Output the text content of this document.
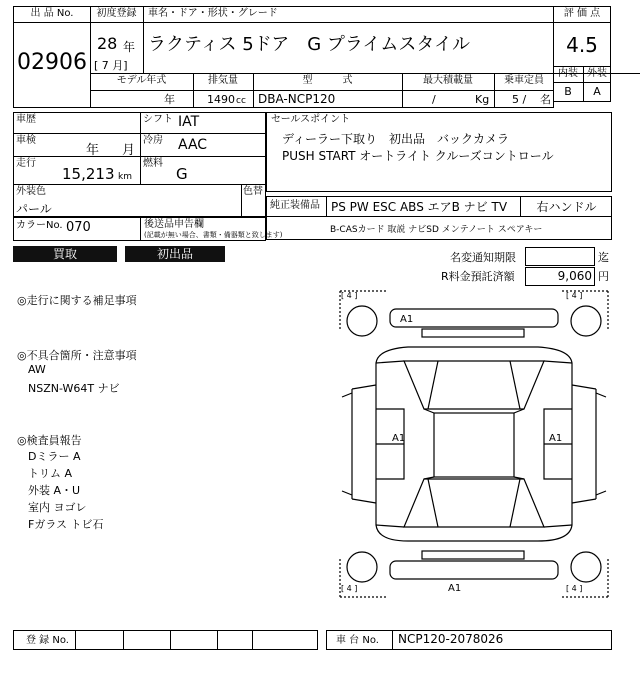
出 品 No.
02906
初度登録
28 年
[ 7 月]
車名・ドア・形状・グレード
ラクティス 5ドア　G プライムスタイル
評 価 点
4.5
内装 外装
B	A
モデル年式
年
排気量
1490 cc
型　　　式
DBA-NCP120
最大積載量
/	Kg
乗車定員
5 / 名
車歴	シフト IAT
車検
年 月
冷房 AAC
走行
15,213 km
燃料
G
外装色
パール
色替
セールスポイント
ディーラー下取り　初出品　バックカメラ
PUSH START オートライト クルーズコントロール
純正装備品 PS PW ESC ABS エアB ナビ TV	右ハンドル
B-CASカード 取説 ナビSD メンテノート スペアキー
カラーNo. 070	後送品申告欄
(記載が無い場合、書類・備器類と致します)
買取	初出品	名変通知期限	迄
R料金預託済額	9,060 円
◎走行に関する補足事項
◎不具合箇所・注意事項
AW
NSZN-W64T ナビ
◎検査員報告
Dミラー A
トリム A
外装 A・U
室内 ヨゴレ
Fガラス トビ石
[ 4 ]	[ 4 ]
[ 4 ]	[ 4 ]
A1
A1	A1
A1
登 録 No.	車 台 No. NCP120-2078026
